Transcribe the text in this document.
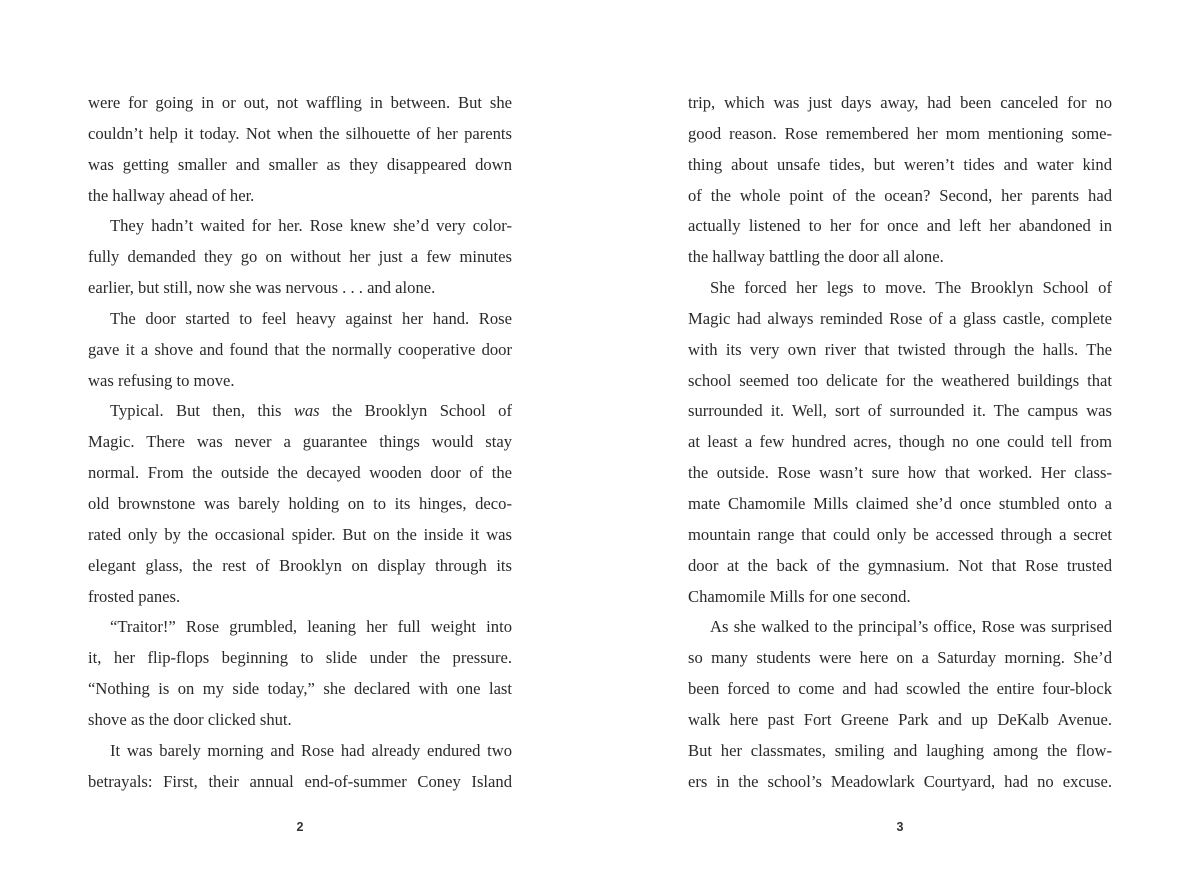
were for going in or out, not waffling in between. But she
couldn’t help it today. Not when the silhouette of her parents
was getting smaller and smaller as they disappeared down
the hallway ahead of her.
They hadn’t waited for her. Rose knew she’d very color-
fully demanded they go on without her just a few minutes
earlier, but still, now she was nervous . . . and alone.
The door started to feel heavy against her hand. Rose
gave it a shove and found that the normally cooperative door
was refusing to move.
Typical. But then, this was the Brooklyn School of
Magic. There was never a guarantee things would stay
normal. From the outside the decayed wooden door of the
old brownstone was barely holding on to its hinges, deco-
rated only by the occasional spider. But on the inside it was
elegant glass, the rest of Brooklyn on display through its
frosted panes.
“Traitor!” Rose grumbled, leaning her full weight into
it, her flip-flops beginning to slide under the pressure.
“Nothing is on my side today,” she declared with one last
shove as the door clicked shut.
It was barely morning and Rose had already endured two
betrayals: First, their annual end-of-summer Coney Island
2
trip, which was just days away, had been canceled for no
good reason. Rose remembered her mom mentioning some-
thing about unsafe tides, but weren’t tides and water kind
of the whole point of the ocean? Second, her parents had
actually listened to her for once and left her abandoned in
the hallway battling the door all alone.
She forced her legs to move. The Brooklyn School of
Magic had always reminded Rose of a glass castle, complete
with its very own river that twisted through the halls. The
school seemed too delicate for the weathered buildings that
surrounded it. Well, sort of surrounded it. The campus was
at least a few hundred acres, though no one could tell from
the outside. Rose wasn’t sure how that worked. Her class-
mate Chamomile Mills claimed she’d once stumbled onto a
mountain range that could only be accessed through a secret
door at the back of the gymnasium. Not that Rose trusted
Chamomile Mills for one second.
As she walked to the principal’s office, Rose was surprised
so many students were here on a Saturday morning. She’d
been forced to come and had scowled the entire four-block
walk here past Fort Greene Park and up DeKalb Avenue.
But her classmates, smiling and laughing among the flow-
ers in the school’s Meadowlark Courtyard, had no excuse.
3
